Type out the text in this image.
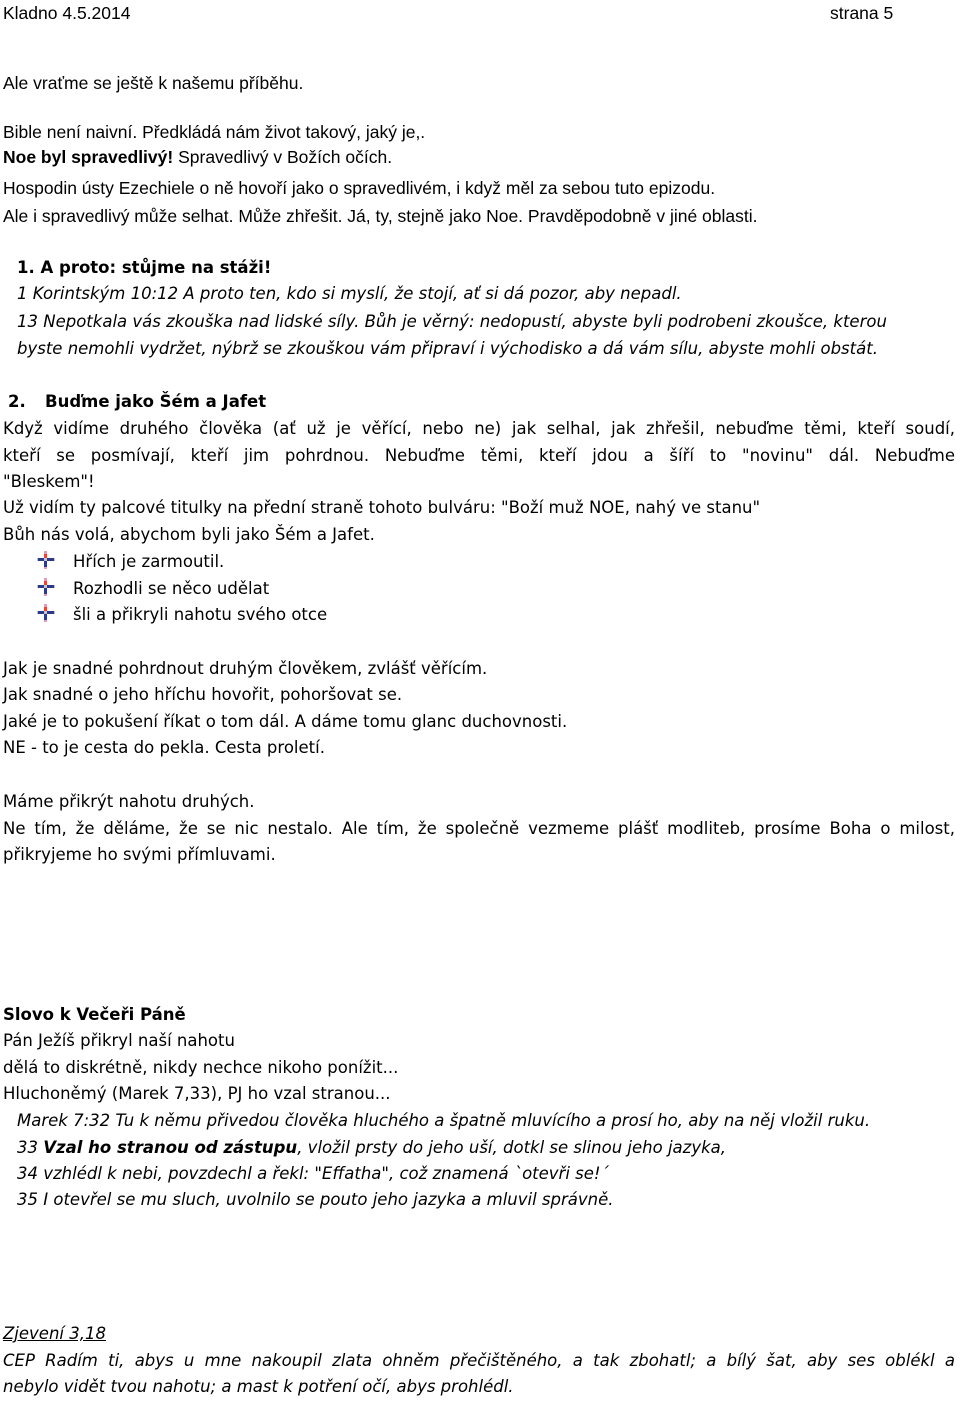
Kladno 4.5.2014	strana 5
Ale vraťme se ještě k našemu příběhu.
Bible není naivní. Předkládá nám život takový, jaký je,.
Noe byl spravedlivý! Spravedlivý v Božích očích.
Hospodin ústy Ezechiele o ně hovoří jako o spravedlivém, i když měl za sebou tuto epizodu.
Ale i spravedlivý může selhat. Může zhřešit. Já, ty, stejně jako Noe. Pravděpodobně v jiné oblasti.
1. A proto: stůjme na stáži!
1 Korintským 10:12 A proto ten, kdo si myslí, že stojí, ať si dá pozor, aby nepadl.
13 Nepotkala vás zkouška nad lidské síly. Bůh je věrný: nedopustí, abyste byli podrobeni zkoušce, kterou
byste nemohli vydržet, nýbrž se zkouškou vám připraví i východisko a dá vám sílu, abyste mohli obstát.
2. Buďme jako Šém a Jafet
Když vidíme druhého člověka (ať už je věřící, nebo ne) jak selhal, jak zhřešil, nebuďme těmi, kteří soudí,
kteří se posmívají, kteří jim pohrdnou. Nebuďme těmi, kteří jdou a šíří to "novinu" dál. Nebuďme
"Bleskem"!
Už vidím ty palcové titulky na přední straně tohoto bulváru: "Boží muž NOE, nahý ve stanu"
Bůh nás volá, abychom byli jako Šém a Jafet.
Hřích je zarmoutil.
Rozhodli se něco udělat
šli a přikryli nahotu svého otce
Jak je snadné pohrdnout druhým člověkem, zvlášť věřícím.
Jak snadné o jeho hříchu hovořit, pohoršovat se.
Jaké je to pokušení říkat o tom dál. A dáme tomu glanc duchovnosti.
NE - to je cesta do pekla. Cesta proletí.
Máme přikrýt nahotu druhých.
Ne tím, že děláme, že se nic nestalo. Ale tím, že společně vezmeme plášť modliteb, prosíme Boha o milost,
přikryjeme ho svými přímluvami.
Slovo k Večeři Páně
Pán Ježíš přikryl naší nahotu
dělá to diskrétně, nikdy nechce nikoho ponížit...
Hluchoněmý (Marek 7,33), PJ ho vzal stranou...
Marek 7:32 Tu k němu přivedou člověka hluchého a špatně mluvícího a prosí ho, aby na něj vložil ruku.
33 Vzal ho stranou od zástupu, vložil prsty do jeho uší, dotkl se slinou jeho jazyka,
34 vzhlédl k nebi, povzdechl a řekl: "Effatha", což znamená `otevři se!´
35 I otevřel se mu sluch, uvolnilo se pouto jeho jazyka a mluvil správně.
Zjevení 3,18
CEP Radím ti, abys u mne nakoupil zlata ohněm přečištěného, a tak zbohatl; a bílý šat, aby ses oblékl a
nebylo vidět tvou nahotu; a mast k potření očí, abys prohlédl.
